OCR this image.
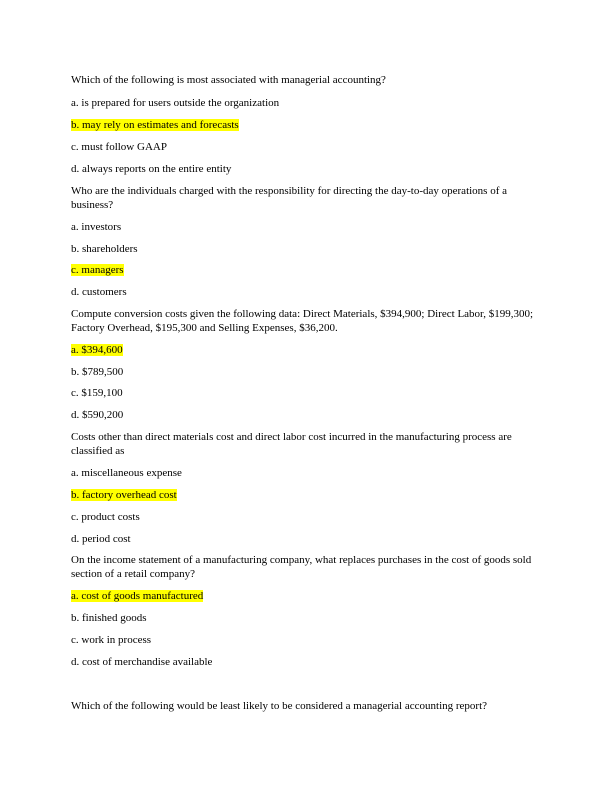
Which of the following is most associated with managerial accounting?
a. is prepared for users outside the organization
b. may rely on estimates and forecasts
c. must follow GAAP
d. always reports on the entire entity
Who are the individuals charged with the responsibility for directing the day-to-day operations of a business?
a. investors
b. shareholders
c. managers
d. customers
Compute conversion costs given the following data: Direct Materials, $394,900; Direct Labor, $199,300; Factory Overhead, $195,300 and Selling Expenses, $36,200.
a. $394,600
b. $789,500
c. $159,100
d. $590,200
Costs other than direct materials cost and direct labor cost incurred in the manufacturing process are classified as
a. miscellaneous expense
b. factory overhead cost
c. product costs
d. period cost
On the income statement of a manufacturing company, what replaces purchases in the cost of goods sold section of a retail company?
a. cost of goods manufactured
b. finished goods
c. work in process
d. cost of merchandise available
Which of the following would be least likely to be considered a managerial accounting report?
